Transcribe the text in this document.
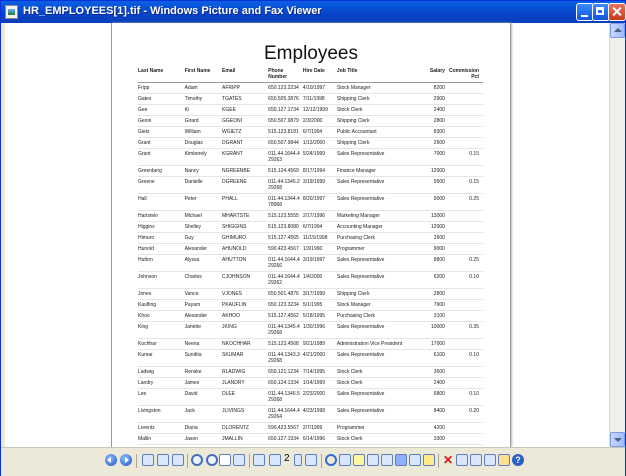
HR_EMPLOYEES[1].tif - Windows Picture and Fax Viewer
Employees
Last Name	First Name	Email	Phone Number	Hire Date	Job Title	Salary	Commission Pct
Fripp	Adam	AFRIPP	650.123.2234	4/10/1997	Stock Manager	8200	
Gates	Timothy	TGATES	650.505.3876	7/11/1998	Shipping Clerk	2900	
Gee	Ki	KGEE	650.127.1734	12/12/1999	Stock Clerk	2400	
Geoni	Girard	GGEONI	650.507.9879	2/3/2000	Shipping Clerk	2800	
Gietz	William	WGIETZ	515.123.8181	6/7/1994	Public Accountant	8300	
Grant	Douglas	DGRANT	650.507.9844	1/13/2000	Shipping Clerk	2600	
Grant	Kimberely	KGRANT	011.44.1644.429263	5/24/1999	Sales Representative	7000	0.15
Greenberg	Nancy	NGREENBE	515.124.4569	8/17/1994	Finance Manager	12000	
Greene	Danielle	DGREENE	011.44.1346.229268	3/19/1999	Sales Representative	9500	0.15
Hall	Peter	PHALL	011.44.1344.478968	8/20/1997	Sales Representative	9000	0.25
Hartstein	Michael	MHARTSTE	515.123.5555	2/17/1996	Marketing Manager	13000	
Higgins	Shelley	SHIGGINS	515.123.8080	6/7/1994	Accounting Manager	12000	
Himuro	Guy	GHIMURO	515.127.4565	11/15/1998	Purchasing Clerk	2600	
Hunold	Alexander	AHUNOLD	590.423.4567	1/3/1990	Programmer	9000	
Hutton	Alyssa	AHUTTON	011.44.1644.429266	3/19/1997	Sales Representative	8800	0.25
Johnson	Charles	CJOHNSON	011.44.1644.429262	1/4/2000	Sales Representative	6200	0.10
Jones	Vance	VJONES	650.501.4876	3/17/1999	Shipping Clerk	2800	
Kaufling	Payam	PKAUFLIN	650.123.3234	5/1/1995	Stock Manager	7900	
Khoo	Alexander	AKHOO	515.127.4562	5/18/1995	Purchasing Clerk	3100	
King	Janette	JKING	011.44.1345.429268	1/30/1996	Sales Representative	10000	0.35
Kochhar	Neena	NKOCHHAR	515.123.4568	9/21/1989	Administration Vice President	17000	
Kumar	Sundita	SKUMAR	011.44.1343.329268	4/21/2000	Sales Representative	6100	0.10
Ladwig	Renske	RLADWIG	650.121.1234	7/14/1995	Stock Clerk	3600	
Landry	James	JLANDRY	650.124.1334	1/14/1999	Stock Clerk	2400	
Lee	David	DLEE	011.44.1346.529268	2/23/2000	Sales Representative	6800	0.10
Livingston	Jack	JLIVINGS	011.44.1644.429264	4/23/1998	Sales Representative	8400	0.20
Lorentz	Diana	DLORENTZ	590.423.5567	2/7/1999	Programmer	4200	
Mallin	Jason	JMALLIN	650.127.1934	6/14/1996	Stock Clerk	3300	

2	✕	?
